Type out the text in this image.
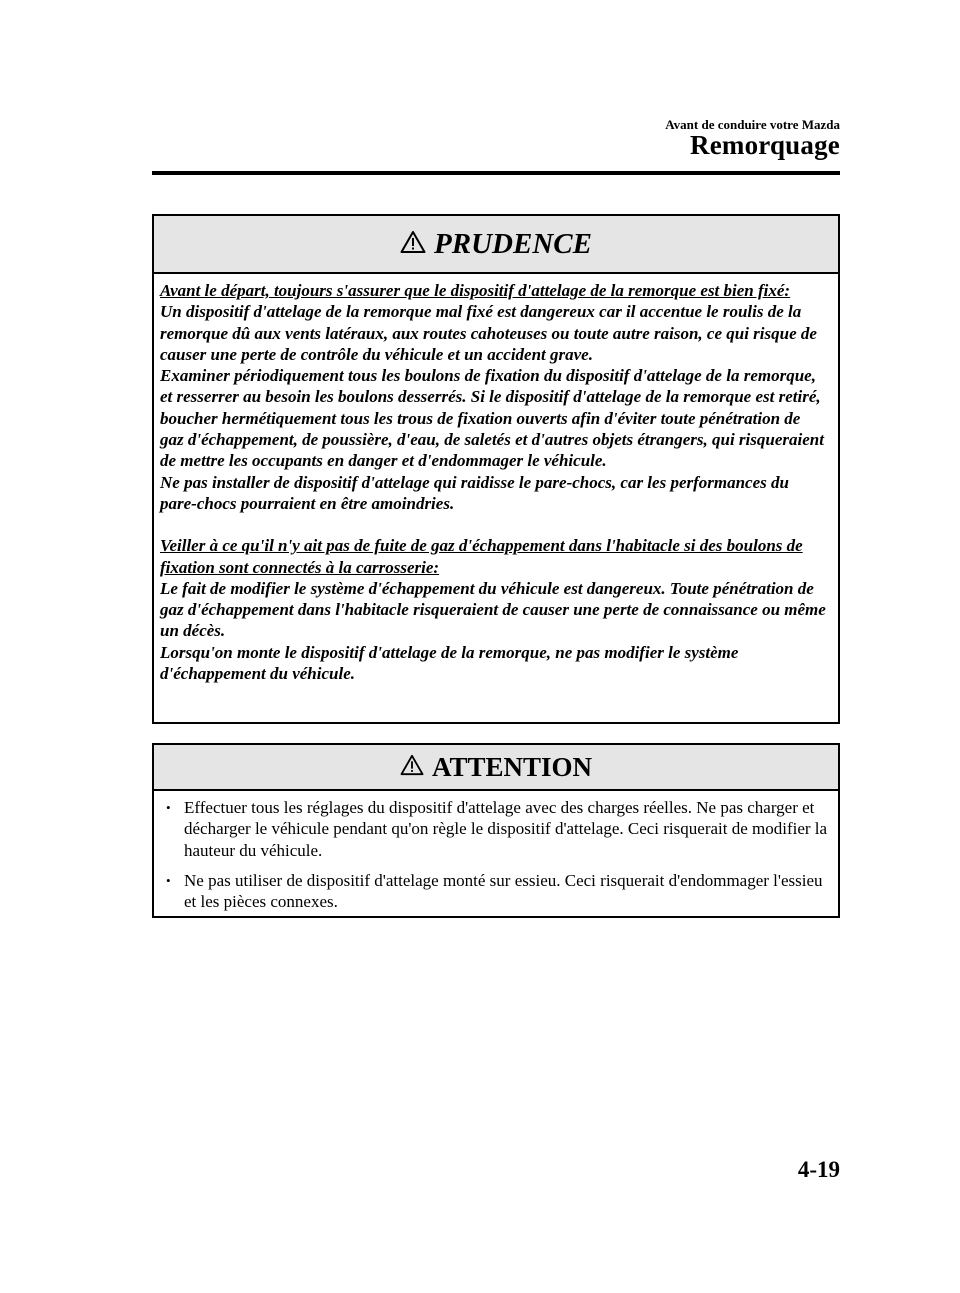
Avant de conduire votre Mazda
Remorquage
PRUDENCE

Avant le départ, toujours s'assurer que le dispositif d'attelage de la remorque est bien fixé:

Un dispositif d'attelage de la remorque mal fixé est dangereux car il accentue le roulis de la remorque dû aux vents latéraux, aux routes cahoteuses ou toute autre raison, ce qui risque de causer une perte de contrôle du véhicule et un accident grave.

Examiner périodiquement tous les boulons de fixation du dispositif d'attelage de la remorque, et resserrer au besoin les boulons desserrés. Si le dispositif d'attelage de la remorque est retiré, boucher hermétiquement tous les trous de fixation ouverts afin d'éviter toute pénétration de gaz d'échappement, de poussière, d'eau, de saletés et d'autres objets étrangers, qui risqueraient de mettre les occupants en danger et d'endommager le véhicule.

Ne pas installer de dispositif d'attelage qui raidisse le pare-chocs, car les performances du pare-chocs pourraient en être amoindries.

Veiller à ce qu'il n'y ait pas de fuite de gaz d'échappement dans l'habitacle si des boulons de fixation sont connectés à la carrosserie:

Le fait de modifier le système d'échappement du véhicule est dangereux. Toute pénétration de gaz d'échappement dans l'habitacle risqueraient de causer une perte de connaissance ou même un décès.

Lorsqu'on monte le dispositif d'attelage de la remorque, ne pas modifier le système d'échappement du véhicule.

ATTENTION
• Effectuer tous les réglages du dispositif d'attelage avec des charges réelles. Ne pas charger et décharger le véhicule pendant qu'on règle le dispositif d'attelage. Ceci risquerait de modifier la hauteur du véhicule.
• Ne pas utiliser de dispositif d'attelage monté sur essieu. Ceci risquerait d'endommager l'essieu et les pièces connexes.
4-19
